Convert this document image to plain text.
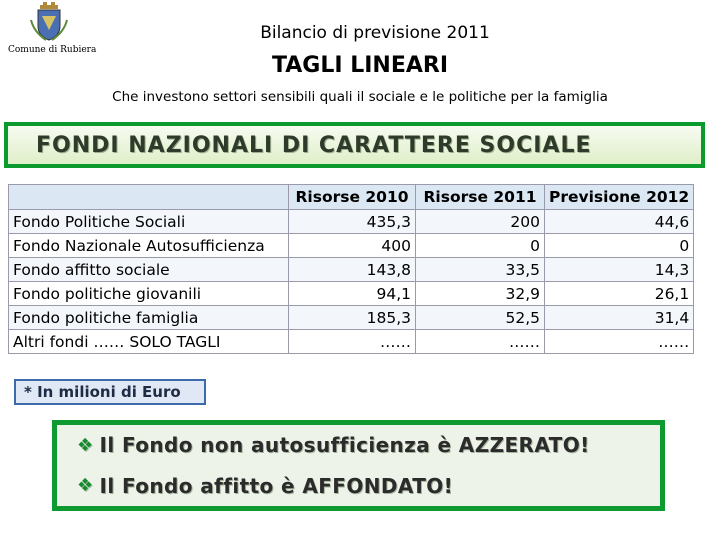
Comune di Rubiera
Bilancio di previsione 2011
TAGLI LINEARI
Che investono settori sensibili quali il sociale e le politiche per la famiglia
FONDI NAZIONALI DI CARATTERE SOCIALE
	Risorse 2010	Risorse 2011	Previsione 2012
Fondo Politiche Sociali	435,3	200	44,6
Fondo Nazionale Autosufficienza	400	0	0
Fondo affitto sociale	143,8	33,5	14,3
Fondo politiche giovanili	94,1	32,9	26,1
Fondo politiche famiglia	185,3	52,5	31,4
Altri fondi …… SOLO TAGLI	……	……	……
* In milioni di Euro
❖ Il Fondo non autosufficienza è AZZERATO!
❖ Il Fondo affitto è AFFONDATO!
